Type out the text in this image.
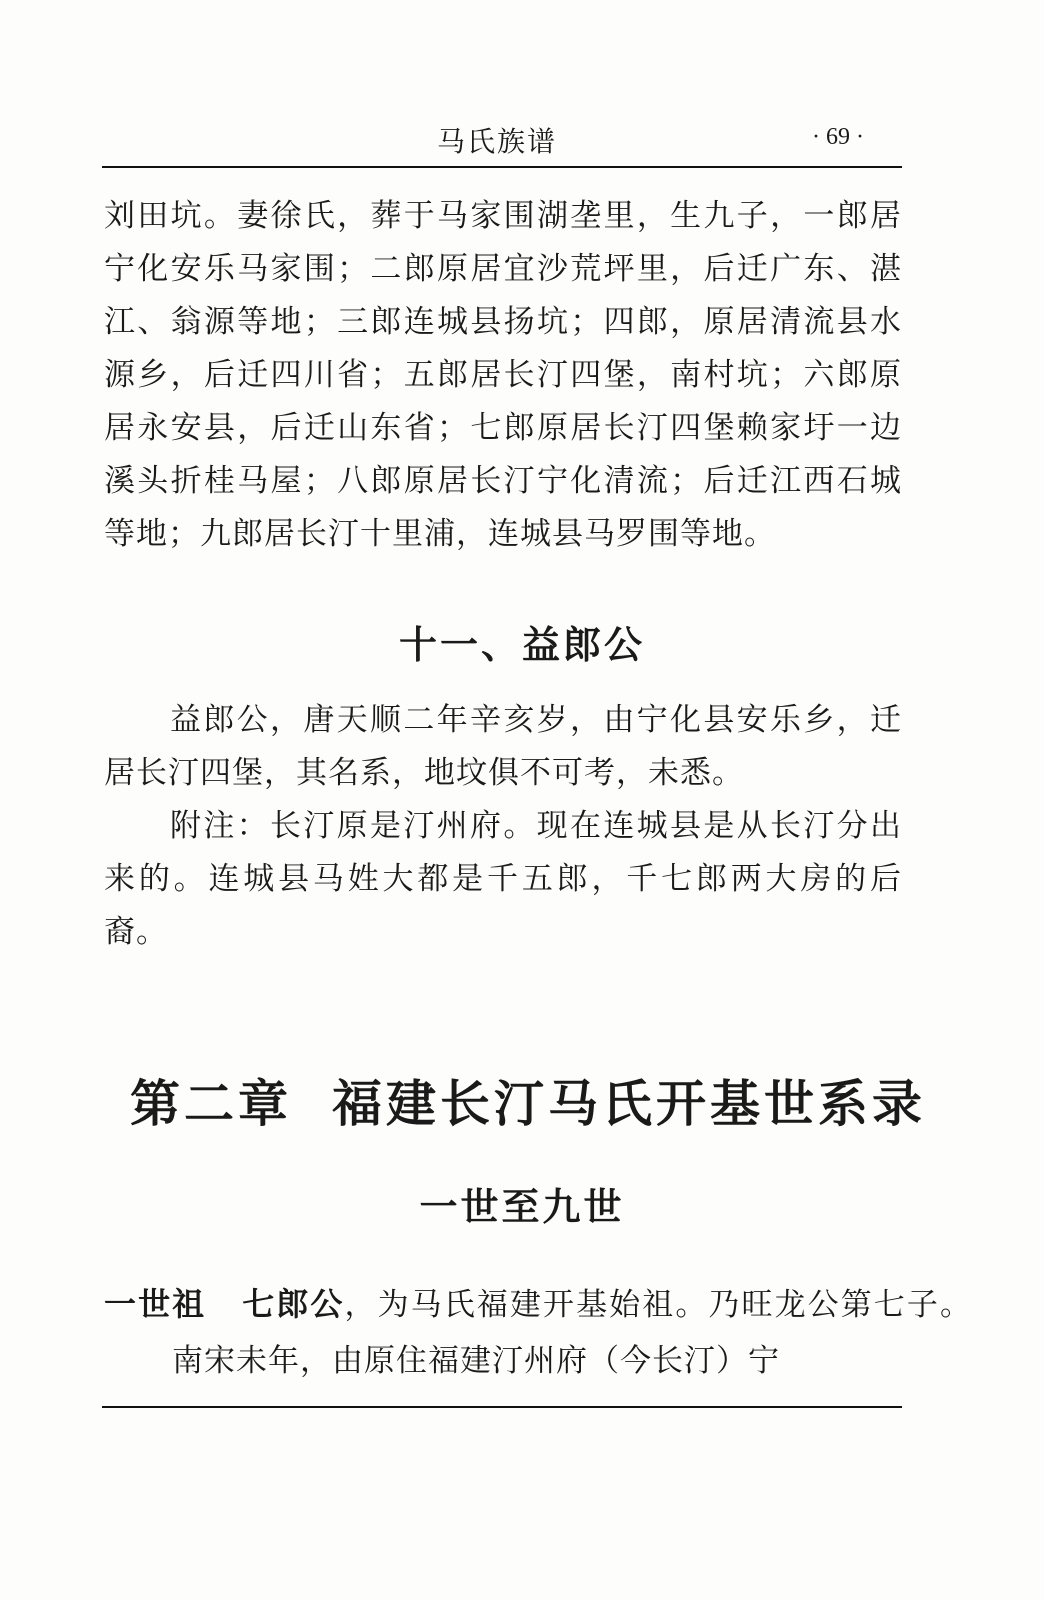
马氏族谱	· 69 ·

刘田坑。妻徐氏，葬于马家围湖垄里，生九子，一郎居宁化安乐马家围；二郎原居宜沙荒坪里，后迁广东、湛江、翁源等地；三郎连城县扬坑；四郎，原居清流县水源乡，后迁四川省；五郎居长汀四堡，南村坑；六郎原居永安县，后迁山东省；七郎原居长汀四堡赖家圩一边溪头折桂马屋；八郎原居长汀宁化清流；后迁江西石城等地；九郎居长汀十里浦，连城县马罗围等地。

十一、益郎公

益郎公，唐天顺二年辛亥岁，由宁化县安乐乡，迁居长汀四堡，其名系，地坟俱不可考，未悉。

附注：长汀原是汀州府。现在连城县是从长汀分出来的。连城县马姓大都是千五郎，千七郎两大房的后裔。

第二章 福建长汀马氏开基世系录
一世至九世

一世祖 七郎公，为马氏福建开基始祖。乃旺龙公第七子。南宋未年，由原住福建汀州府（今长汀）宁
